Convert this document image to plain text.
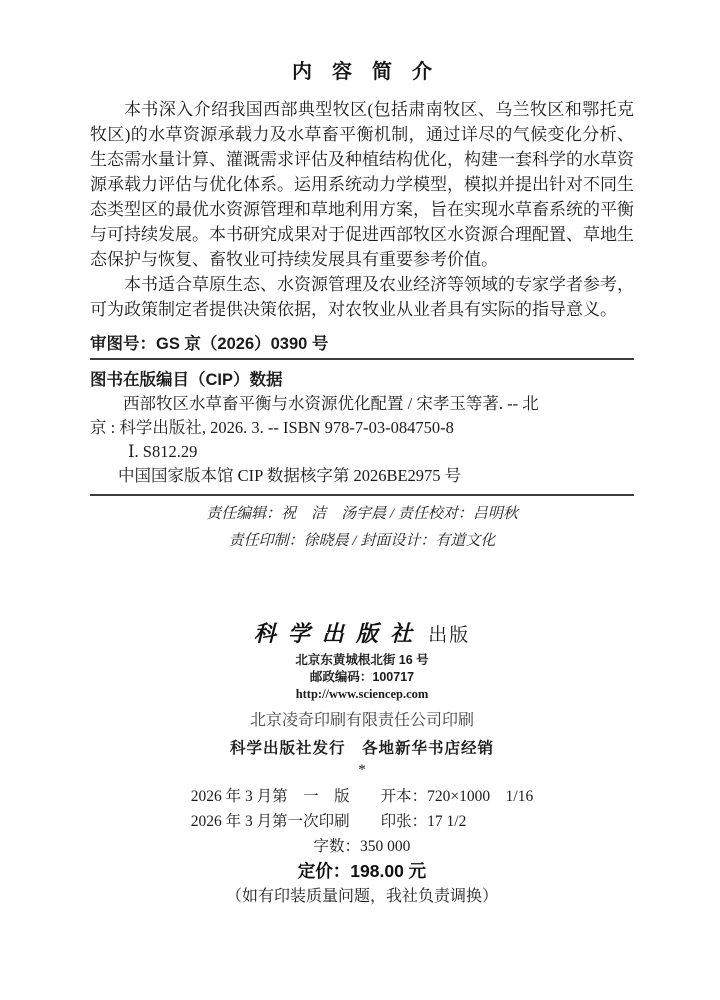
内　容　简　介

本书深入介绍我国西部典型牧区(包括肃南牧区、乌兰牧区和鄂托克牧区)的水草资源承载力及水草畜平衡机制，通过详尽的气候变化分析、生态需水量计算、灌溉需求评估及种植结构优化，构建一套科学的水草资源承载力评估与优化体系。运用系统动力学模型，模拟并提出针对不同生态类型区的最优水资源管理和草地利用方案，旨在实现水草畜系统的平衡与可持续发展。本书研究成果对于促进西部牧区水资源合理配置、草地生态保护与恢复、畜牧业可持续发展具有重要参考价值。

本书适合草原生态、水资源管理及农业经济等领域的专家学者参考，可为政策制定者提供决策依据，对农牧业从业者具有实际的指导意义。

审图号：GS 京（2026）0390 号
图书在版编目（CIP）数据
西部牧区水草畜平衡与水资源优化配置 / 宋孝玉等著. -- 北
京 : 科学出版社, 2026. 3. -- ISBN 978-7-03-084750-8
Ⅰ. S812.29
中国国家版本馆 CIP 数据核字第 2026BE2975 号
责任编辑：祝　洁　汤宇晨 / 责任校对：吕明秋
责任印制：徐晓晨 / 封面设计：有道文化
科学出版社 出版
北京东黄城根北街 16 号
邮政编码：100717
http://www.sciencep.com
北京凌奇印刷有限责任公司印刷
科学出版社发行　各地新华书店经销
*
2026 年 3 月第　一　版　　开本：720×1000　1/16
2026 年 3 月第一次印刷　　印张：17 1/2
字数：350 000
定价：198.00 元
（如有印装质量问题，我社负责调换）
